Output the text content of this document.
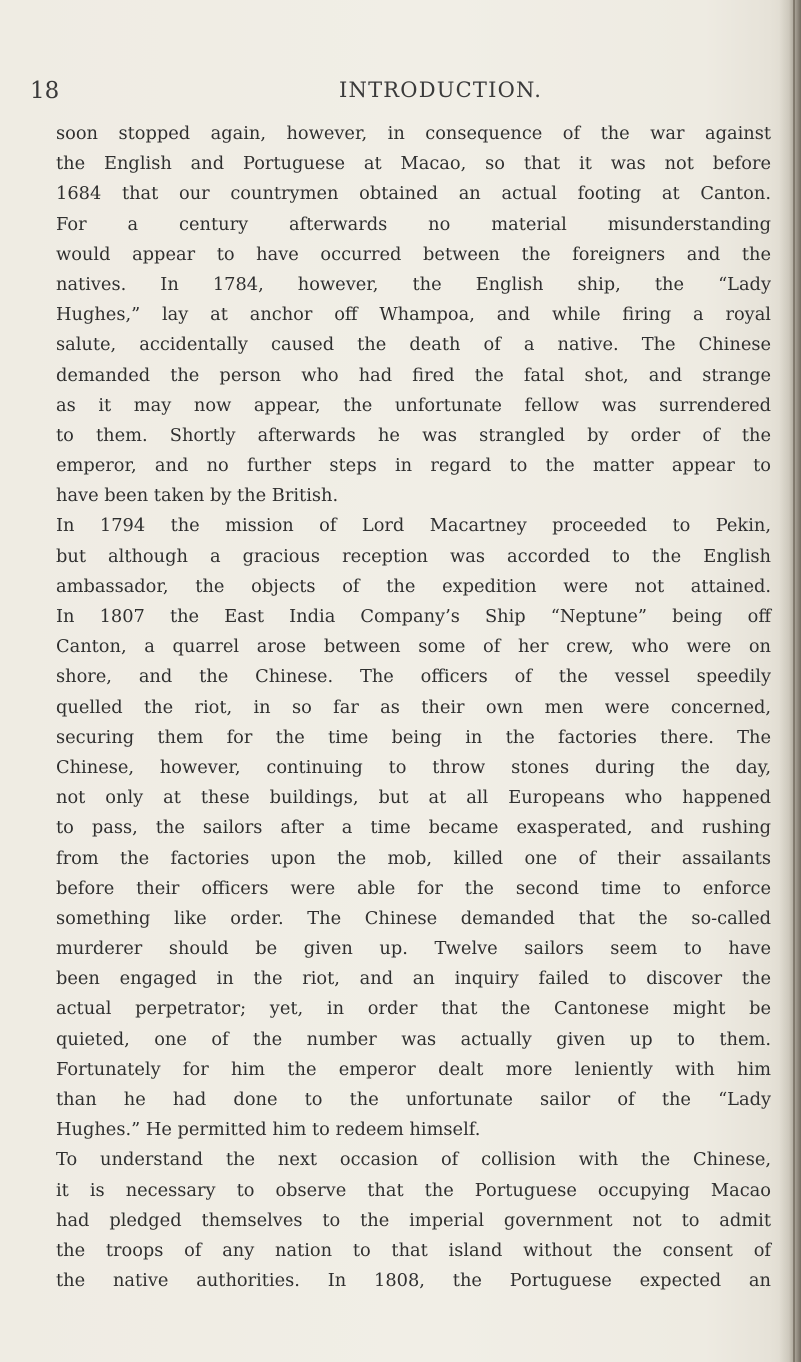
18	INTRODUCTION.
soon stopped again, however, in consequence of the war against
the English and Portuguese at Macao, so that it was not before
1684 that our countrymen obtained an actual footing at Canton.
For a century afterwards no material misunderstanding
would appear to have occurred between the foreigners and the
natives. In 1784, however, the English ship, the “Lady
Hughes,” lay at anchor off Whampoa, and while firing a royal
salute, accidentally caused the death of a native. The Chinese
demanded the person who had fired the fatal shot, and strange
as it may now appear, the unfortunate fellow was surrendered
to them. Shortly afterwards he was strangled by order of the
emperor, and no further steps in regard to the matter appear to
have been taken by the British.
In 1794 the mission of Lord Macartney proceeded to Pekin,
but although a gracious reception was accorded to the English
ambassador, the objects of the expedition were not attained.
In 1807 the East India Company’s Ship “Neptune” being off
Canton, a quarrel arose between some of her crew, who were on
shore, and the Chinese. The officers of the vessel speedily
quelled the riot, in so far as their own men were concerned,
securing them for the time being in the factories there. The
Chinese, however, continuing to throw stones during the day,
not only at these buildings, but at all Europeans who happened
to pass, the sailors after a time became exasperated, and rushing
from the factories upon the mob, killed one of their assailants
before their officers were able for the second time to enforce
something like order. The Chinese demanded that the so-called
murderer should be given up. Twelve sailors seem to have
been engaged in the riot, and an inquiry failed to discover the
actual perpetrator; yet, in order that the Cantonese might be
quieted, one of the number was actually given up to them.
Fortunately for him the emperor dealt more leniently with him
than he had done to the unfortunate sailor of the “Lady
Hughes.” He permitted him to redeem himself.
To understand the next occasion of collision with the Chinese,
it is necessary to observe that the Portuguese occupying Macao
had pledged themselves to the imperial government not to admit
the troops of any nation to that island without the consent of
the native authorities. In 1808, the Portuguese expected an
